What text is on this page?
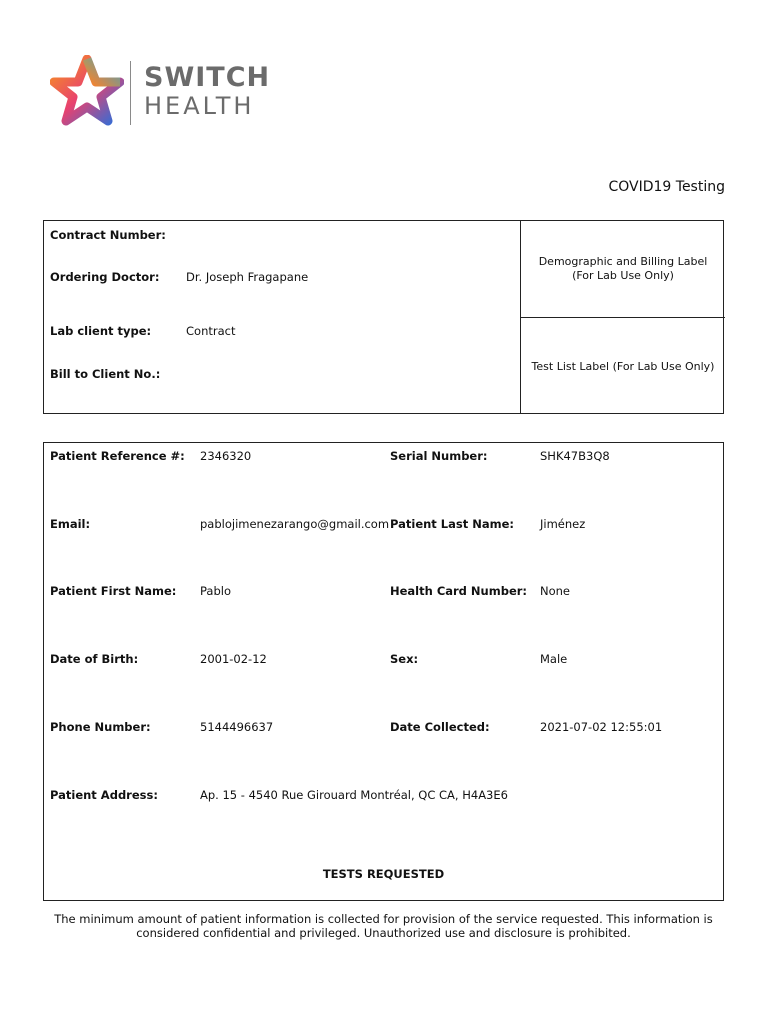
SWITCH
HEALTH
COVID19 Testing
Contract Number:
Ordering Doctor: Dr. Joseph Fragapane
Lab client type:	Contract
Bill to Client No.:
Demographic and Billing Label
(For Lab Use Only)
Test List Label (For Lab Use Only)
Patient Reference #: 2346320	Serial Number:	SHK47B3Q8
Email:	pablojimenezarango@gmail.com Patient Last Name: Jiménez
Patient First Name: Pablo	Health Card Number: None
Date of Birth:	2001-02-12	Sex:	Male
Phone Number:	5144496637	Date Collected:	2021-07-02 12:55:01
Patient Address:	Ap. 15 - 4540 Rue Girouard Montréal, QC CA, H4A3E6
TESTS REQUESTED
The minimum amount of patient information is collected for provision of the service requested. This information is
considered confidential and privileged. Unauthorized use and disclosure is prohibited.
